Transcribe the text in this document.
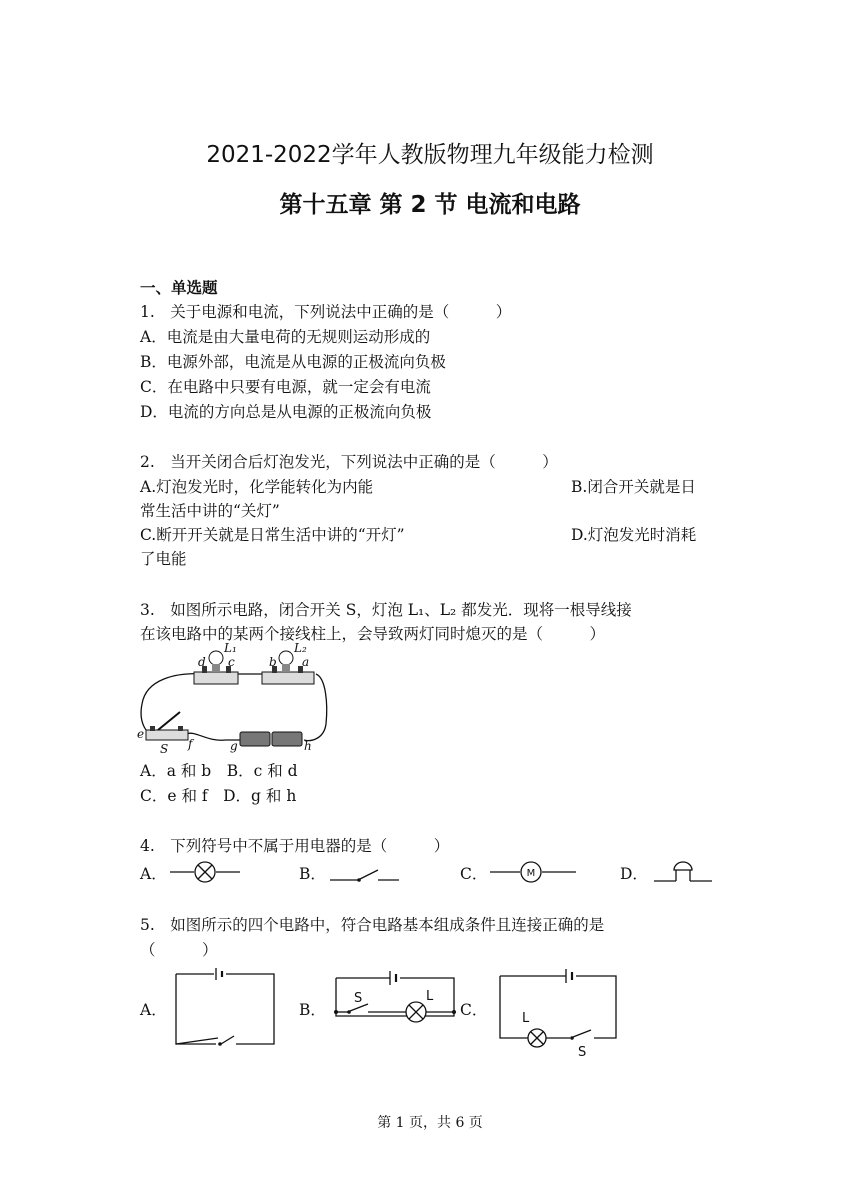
2021-2022学年人教版物理九年级能力检测
第十五章 第 2 节 电流和电路
一、单选题
1.　关于电源和电流，下列说法中正确的是（　　　）
A．电流是由大量电荷的无规则运动形成的
B．电源外部，电流是从电源的正极流向负极
C．在电路中只要有电源，就一定会有电流
D．电流的方向总是从电源的正极流向负极
2.　当开关闭合后灯泡发光，下列说法中正确的是（　　　）
A.灯泡发光时，化学能转化为内能	B.闭合开关就是日
常生活中讲的“关灯”
C.断开开关就是日常生活中讲的“开灯”	D.灯泡发光时消耗
了电能
3.　如图所示电路，闭合开关 S，灯泡 L₁、L₂ 都发光．现将一根导线接
在该电路中的某两个接线柱上，会导致两灯同时熄灭的是（　　　）
d c
L₁
b a
L₂
e
S f	g	h
A．a 和 b　B．c 和 d
C．e 和 f　D．g 和 h
4.　下列符号中不属于用电器的是（　　　）
A．	B．	C．	M	D．
5.　如图所示的四个电路中，符合电路基本组成条件且连接正确的是
（　　　）
A．	B．
S	L
C．	L
S
第 1 页，共 6 页
